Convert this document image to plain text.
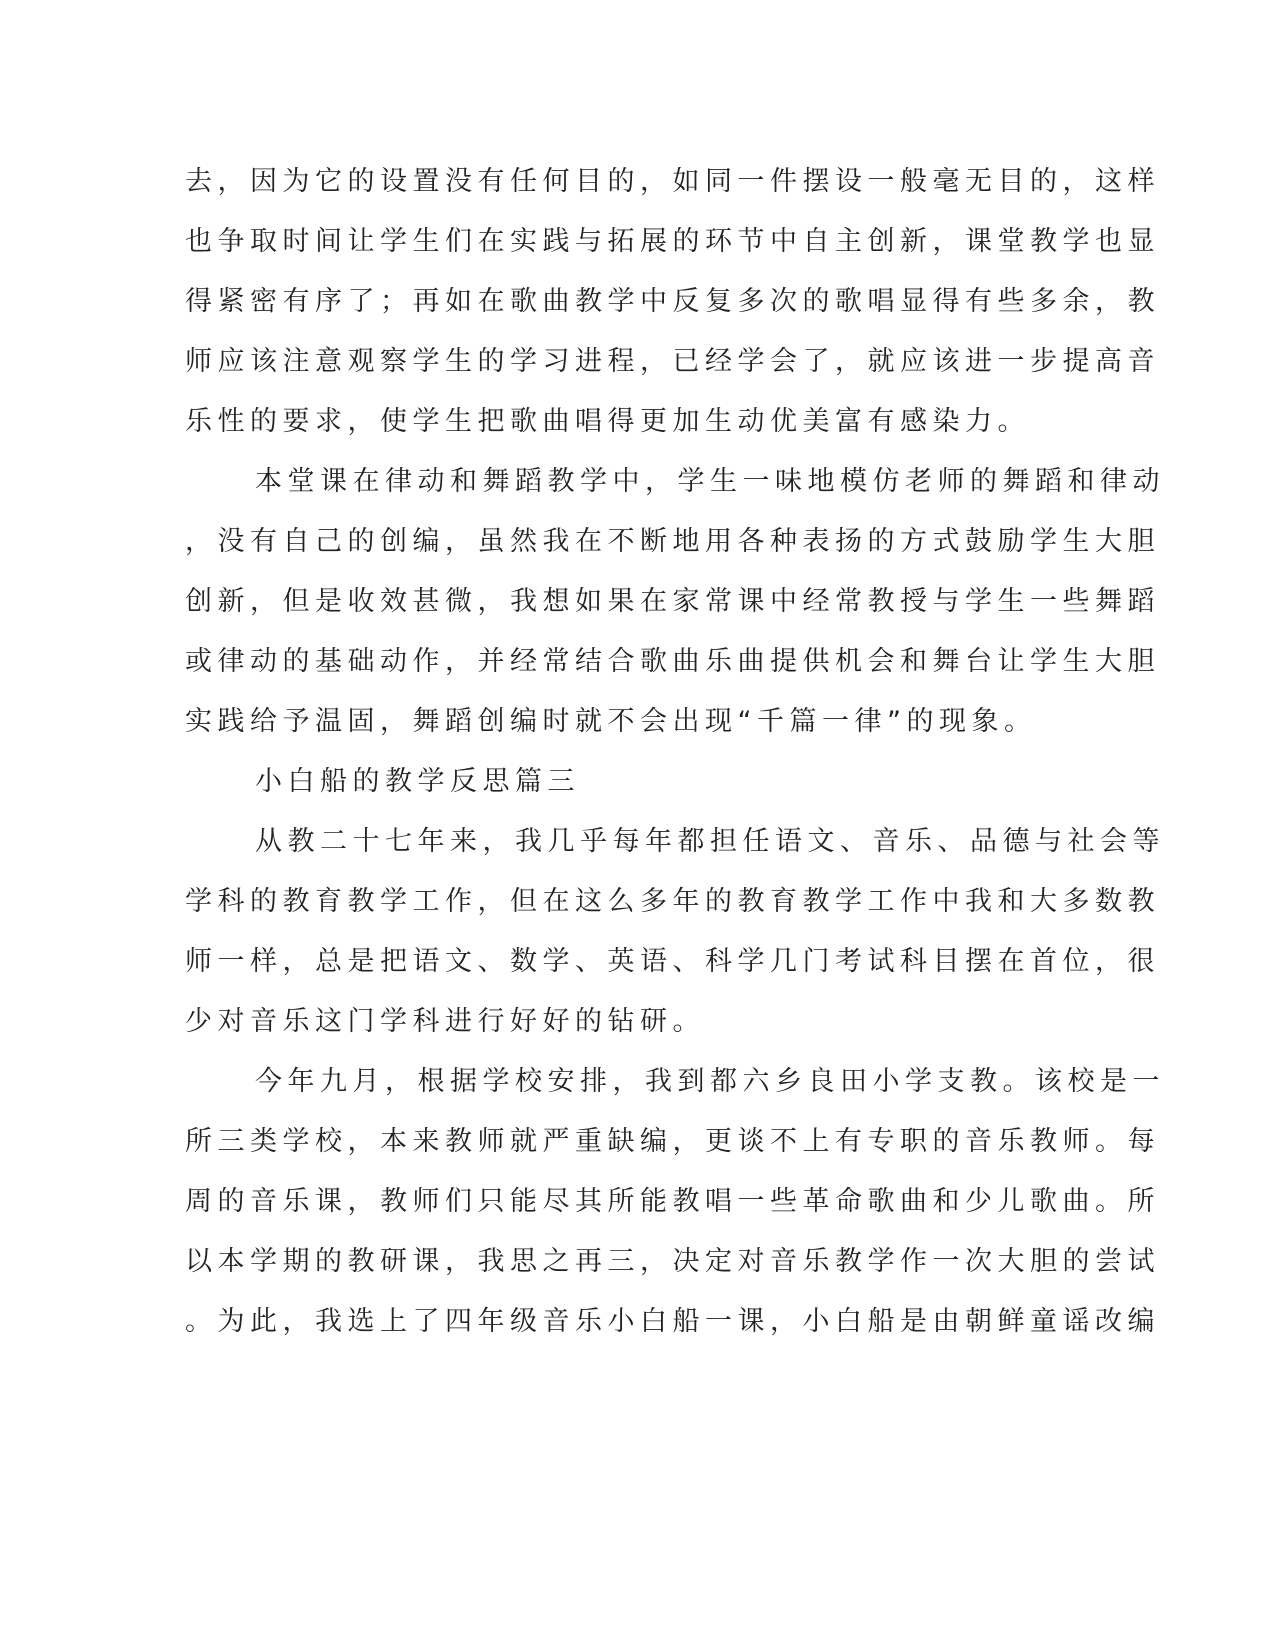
去，因为它的设置没有任何目的，如同一件摆设一般毫无目的，这样
也争取时间让学生们在实践与拓展的环节中自主创新，课堂教学也显
得紧密有序了；再如在歌曲教学中反复多次的歌唱显得有些多余，教
师应该注意观察学生的学习进程，已经学会了，就应该进一步提高音
乐性的要求，使学生把歌曲唱得更加生动优美富有感染力。
本堂课在律动和舞蹈教学中，学生一味地模仿老师的舞蹈和律动
，没有自己的创编，虽然我在不断地用各种表扬的方式鼓励学生大胆
创新，但是收效甚微，我想如果在家常课中经常教授与学生一些舞蹈
或律动的基础动作，并经常结合歌曲乐曲提供机会和舞台让学生大胆
实践给予温固，舞蹈创编时就不会出现“千篇一律”的现象。
小白船的教学反思篇三
从教二十七年来，我几乎每年都担任语文、音乐、品德与社会等
学科的教育教学工作，但在这么多年的教育教学工作中我和大多数教
师一样，总是把语文、数学、英语、科学几门考试科目摆在首位，很
少对音乐这门学科进行好好的钻研。
今年九月，根据学校安排，我到都六乡良田小学支教。该校是一
所三类学校，本来教师就严重缺编，更谈不上有专职的音乐教师。每
周的音乐课，教师们只能尽其所能教唱一些革命歌曲和少儿歌曲。所
以本学期的教研课，我思之再三，决定对音乐教学作一次大胆的尝试
。为此，我选上了四年级音乐小白船一课，小白船是由朝鲜童谣改编
